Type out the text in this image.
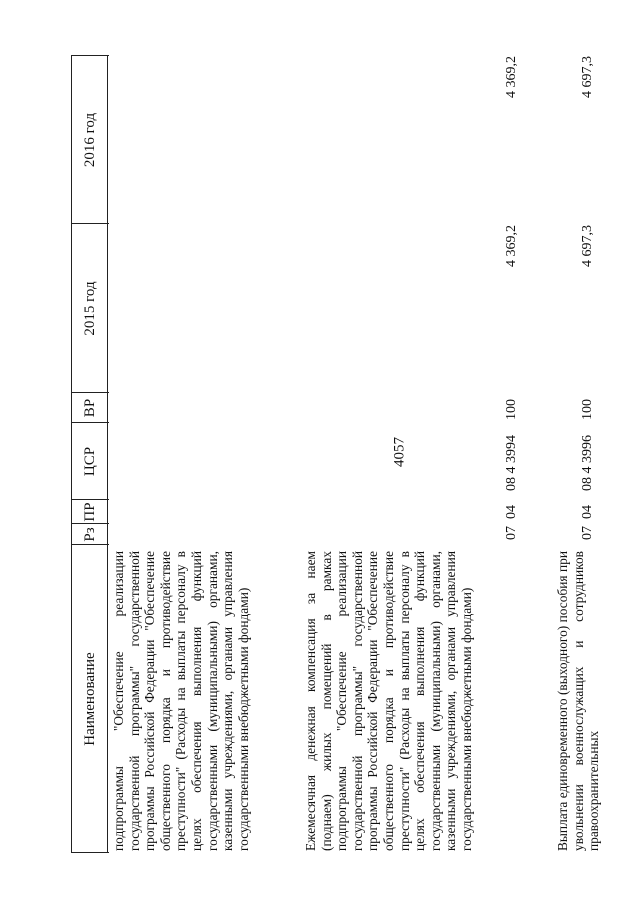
4057
Наименование
Рз
ПР
ЦСР
ВР
2015 год
2016 год
подпрограммы "Обеспечение реализации государственной программы" государственной программы Российской Федерации "Обеспечение общественного порядка и противодействие преступности" (Расходы на выплаты персоналу в целях обеспечения выполнения функций государственными (муниципальными) органами, казенными учреждениями, органами управления государственными внебюджетными фондами)	Ежемесячная денежная компенсация за наем (поднаем) жилых помещений в рамках подпрограммы "Обеспечение реализации государственной программы" государственной программы Российской Федерации "Обеспечение общественного порядка и противодействие преступности" (Расходы на выплаты персоналу в целях обеспечения выполнения функций государственными (муниципальными) органами, казенными учреждениями, органами управления государственными внебюджетными фондами)
07
04
08 4 3994
100
4 369,2
4 369,2
Выплата единовременного (выходного) пособия при увольнении военнослужащих и сотрудников правоохранительных
07
04
08 4 3996
100
4 697,3
4 697,3
